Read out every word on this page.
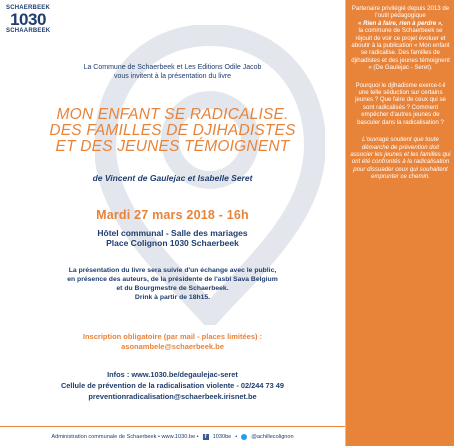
SCHAERBEEK
1030
SCHAARBEEK
La Commune de Schaerbeek et Les Editions Odile Jacob
vous invitent à la présentation du livre
MON ENFANT SE RADICALISE.
DES FAMILLES DE DJIHADISTES
ET DES JEUNES TÉMOIGNENT
de Vincent de Gaulejac et Isabelle Seret
Mardi 27 mars 2018 - 16h
Hôtel communal - Salle des mariages
Place Colignon 1030 Schaerbeek
La présentation du livre sera suivie d'un échange avec le public,
en présence des auteurs, de la présidente de l'asbl Sava Belgium
et du Bourgmestre de Schaerbeek.
Drink à partir de 18h15.
Inscription obligatoire (par mail - places limitées) :
asonambele@schaerbeek.be
Infos : www.1030.be/degaulejac-seret
Cellule de prévention de la radicalisation violente - 02/244 73 49
preventionradicalisation@schaerbeek.irisnet.be
Administration communale de Schaerbeek • www.1030.be •	f	1030be •	@achillecolignon

Partenaire privilégié depuis 2013 de l'outil pédagogique
« Rien à faire, rien à perdre »,
la commune de Schaerbeek se réjouit de voir ce projet évoluer et aboutir à la publication « Mon enfant se radicalise. Des familles de djihadistes et des jeunes témoignent » (De Gaulejac - Seret).

Pourquoi le djihadisme exerce-t-il une telle séduction sur certains jeunes ? Que faire de ceux qui se sont radicalisés ? Comment empêcher d'autres jeunes de basculer dans la radicalisation ?

L'ouvrage soutient que toute démarche de prévention doit associer les jeunes et les familles qui ont été confrontés à la radicalisation pour dissuader ceux qui souhaitent emprunter ce chemin.
